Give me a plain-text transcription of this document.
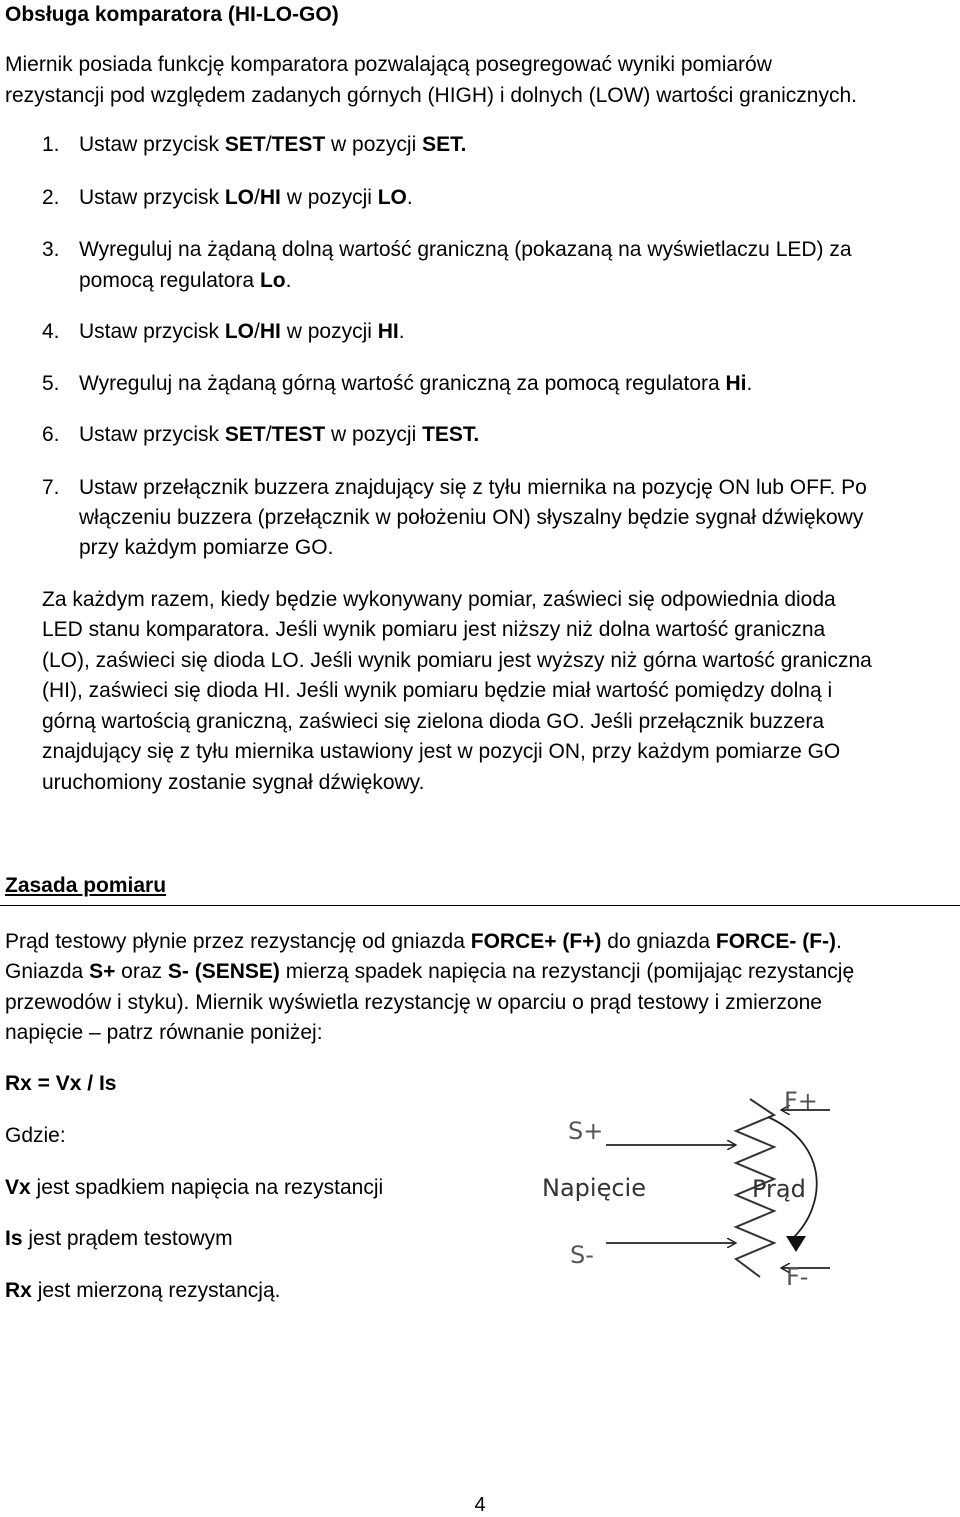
Obsługa komparatora (HI-LO-GO)
Miernik posiada funkcję komparatora pozwalającą posegregować wyniki pomiarów
rezystancji pod względem zadanych górnych (HIGH) i dolnych (LOW) wartości granicznych.
1. Ustaw przycisk SET/TEST w pozycji SET.
2. Ustaw przycisk LO/HI w pozycji LO.
3. Wyreguluj na żądaną dolną wartość graniczną (pokazaną na wyświetlaczu LED) za
pomocą regulatora Lo.
4. Ustaw przycisk LO/HI w pozycji HI.
5. Wyreguluj na żądaną górną wartość graniczną za pomocą regulatora Hi.
6. Ustaw przycisk SET/TEST w pozycji TEST.
7. Ustaw przełącznik buzzera znajdujący się z tyłu miernika na pozycję ON lub OFF. Po
włączeniu buzzera (przełącznik w położeniu ON) słyszalny będzie sygnał dźwiękowy
przy każdym pomiarze GO.
Za każdym razem, kiedy będzie wykonywany pomiar, zaświeci się odpowiednia dioda
LED stanu komparatora. Jeśli wynik pomiaru jest niższy niż dolna wartość graniczna
(LO), zaświeci się dioda LO. Jeśli wynik pomiaru jest wyższy niż górna wartość graniczna
(HI), zaświeci się dioda HI. Jeśli wynik pomiaru będzie miał wartość pomiędzy dolną i
górną wartością graniczną, zaświeci się zielona dioda GO. Jeśli przełącznik buzzera
znajdujący się z tyłu miernika ustawiony jest w pozycji ON, przy każdym pomiarze GO
uruchomiony zostanie sygnał dźwiękowy.
Zasada pomiaru
Prąd testowy płynie przez rezystancję od gniazda FORCE+ (F+) do gniazda FORCE- (F-).
Gniazda S+ oraz S- (SENSE) mierzą spadek napięcia na rezystancji (pomijając rezystancję
przewodów i styku). Miernik wyświetla rezystancję w oparciu o prąd testowy i zmierzone
napięcie – patrz równanie poniżej:
Rx = Vx / Is
Gdzie:
Vx jest spadkiem napięcia na rezystancji
Is jest prądem testowym
Rx jest mierzoną rezystancją.
F+
S+
Napięcie	Prąd
S-
F-
4
